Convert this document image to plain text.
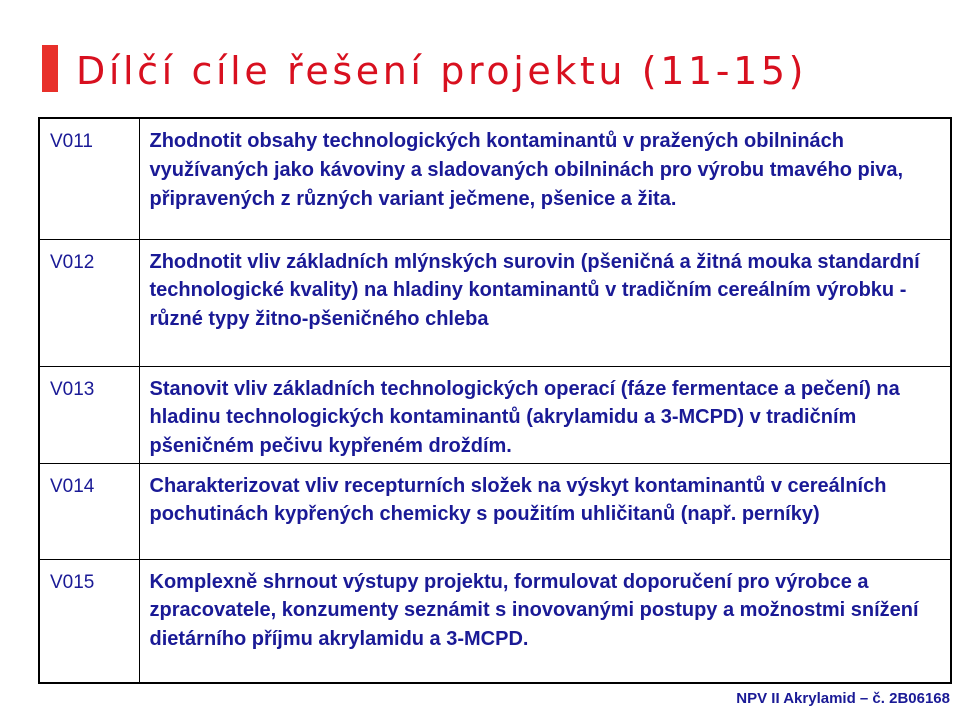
Dílčí cíle řešení projektu (11-15)
V011	Zhodnotit obsahy technologických kontaminantů v pražených obilninách využívaných jako kávoviny a sladovaných obilninách pro výrobu tmavého piva, připravených z různých variant ječmene, pšenice a žita.
V012	Zhodnotit vliv základních mlýnských surovin (pšeničná a žitná mouka standardní technologické kvality) na hladiny kontaminantů v tradičním cereálním výrobku - různé typy žitno-pšeničného chleba
V013	Stanovit vliv základních technologických operací (fáze fermentace a pečení) na hladinu technologických kontaminantů (akrylamidu a 3-MCPD) v tradičním pšeničném pečivu kypřeném droždím.
V014	Charakterizovat vliv recepturních složek na výskyt kontaminantů v cereálních pochutinách kypřených chemicky s použitím uhličitanů (např. perníky)
V015	Komplexně shrnout výstupy projektu, formulovat doporučení pro výrobce a zpracovatele, konzumenty seznámit s inovovanými postupy a možnostmi snížení dietárního příjmu akrylamidu a 3-MCPD.
NPV II Akrylamid – č. 2B06168
